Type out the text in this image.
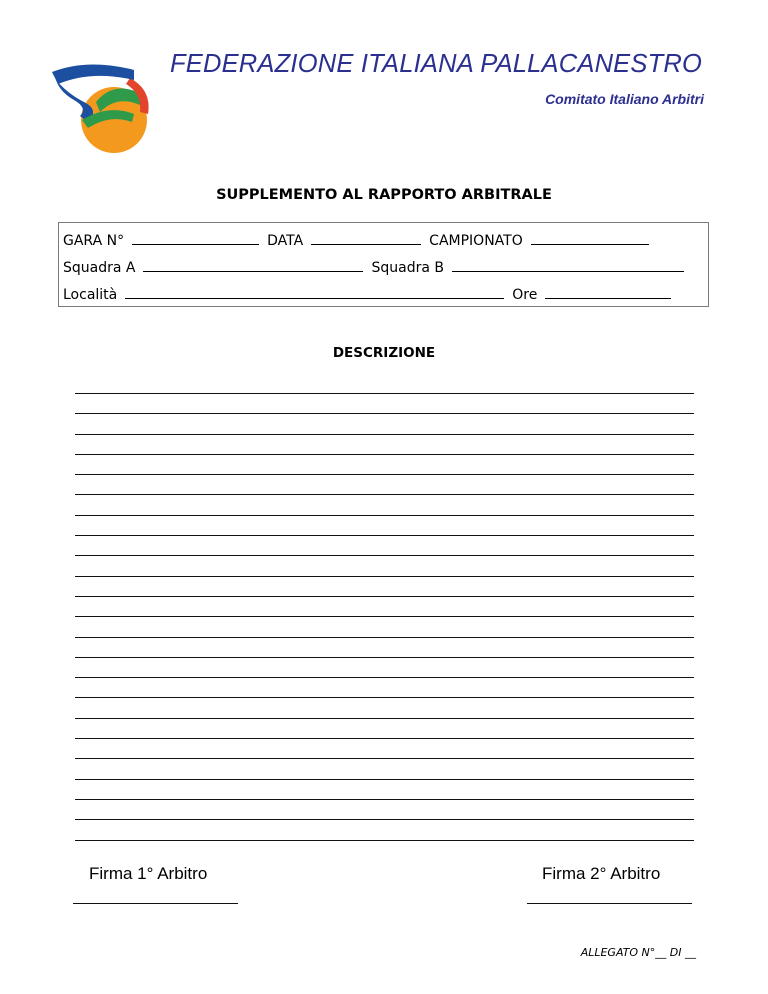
FEDERAZIONE ITALIANA PALLACANESTRO
Comitato Italiano Arbitri
SUPPLEMENTO AL RAPPORTO ARBITRALE
GARA N°	DATA	CAMPIONATO
Squadra A	Squadra B
Località	Ore
DESCRIZIONE
Firma 1° Arbitro	Firma 2° Arbitro
ALLEGATO N°__ DI __
